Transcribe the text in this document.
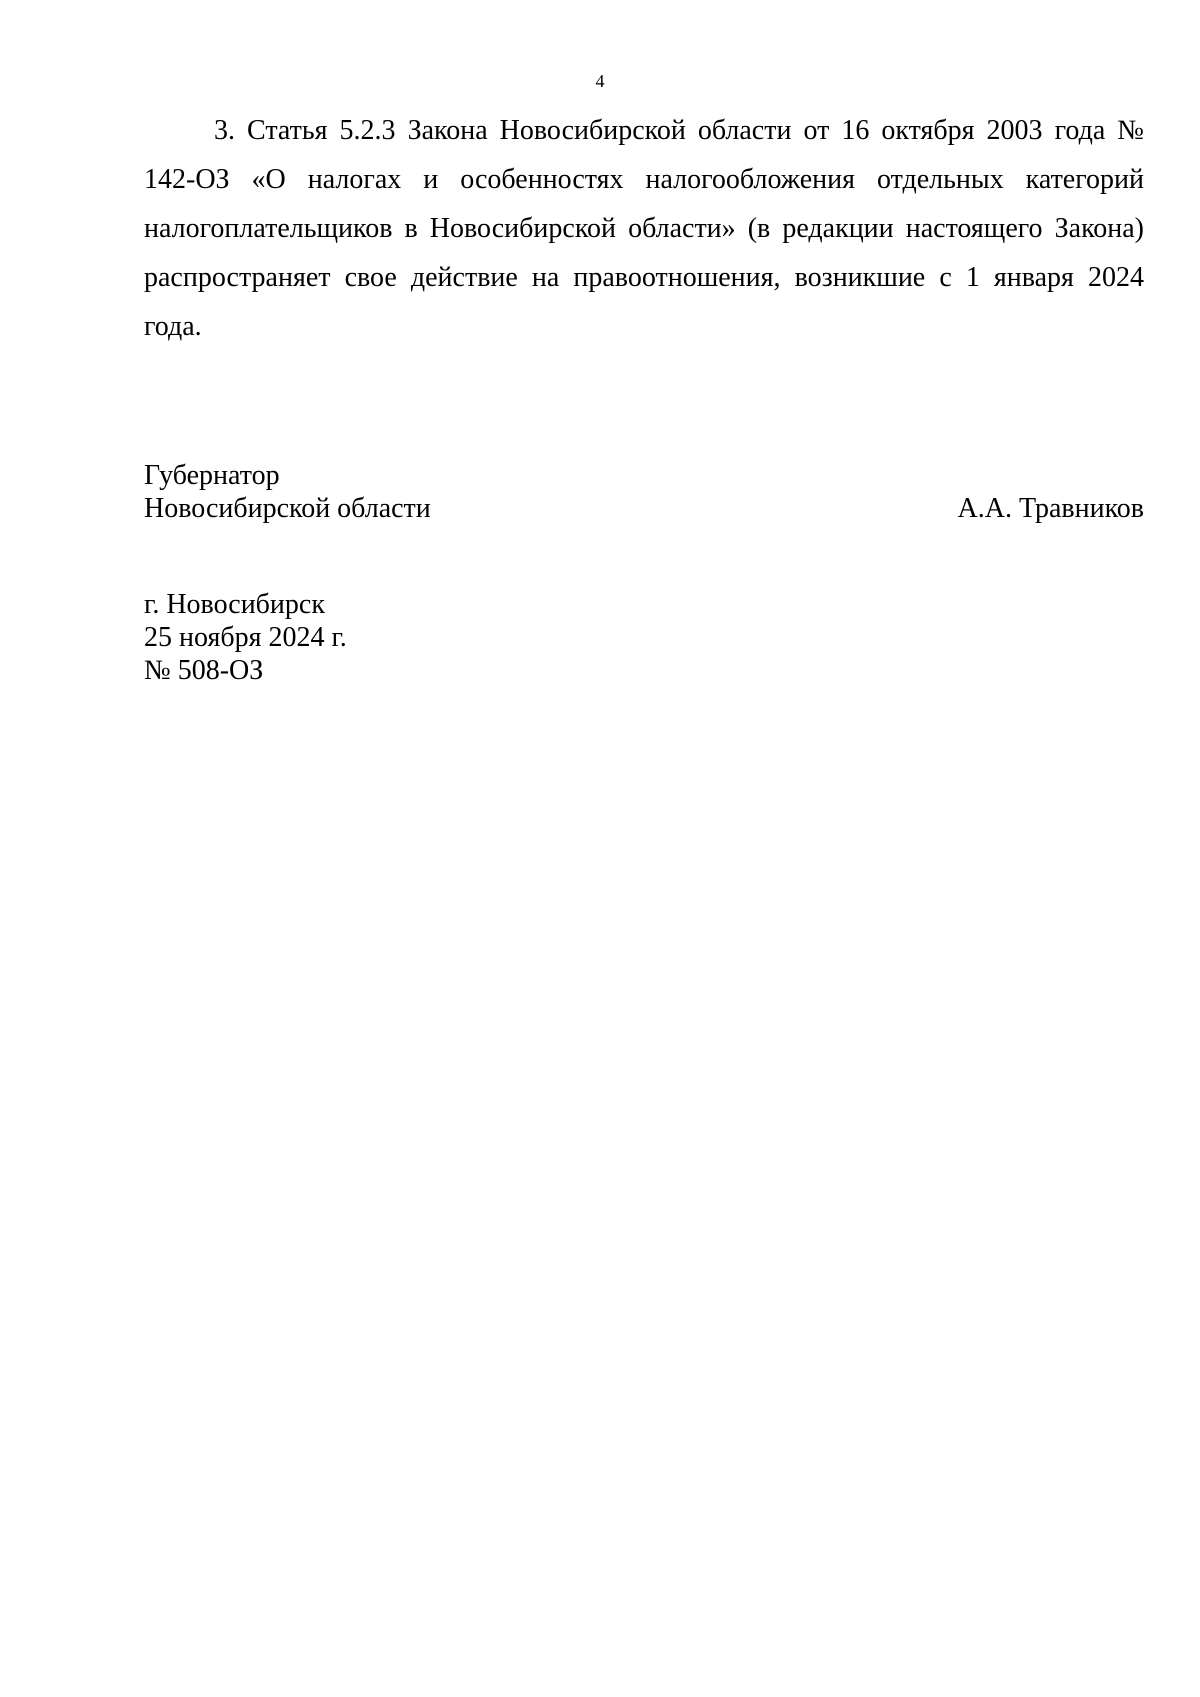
4

3. Статья 5.2.3 Закона Новосибирской области от 16 октября 2003 года № 142-ОЗ «О налогах и особенностях налогообложения отдельных категорий налогоплательщиков в Новосибирской области» (в редакции настоящего Закона) распространяет свое действие на правоотношения, возникшие с 1 января 2024 года.

Губернатор
Новосибирской области	А.А. Травников
г. Новосибирск
25 ноября 2024 г.
№ 508-ОЗ
